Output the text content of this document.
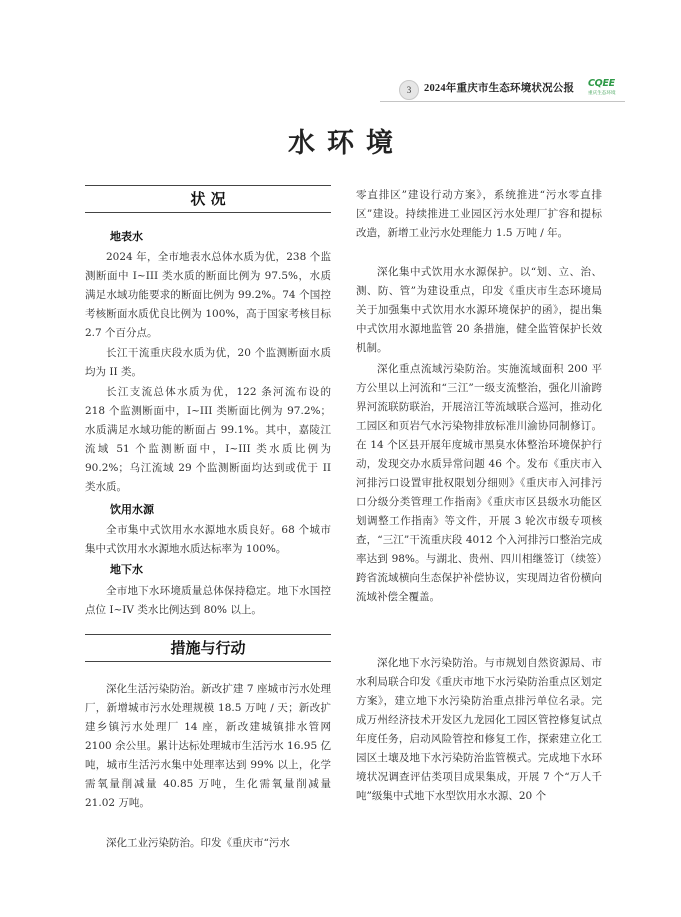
3	2024年重庆市生态环境状况公报	CQEE
重庆生态环境
水环境
状 况
地表水

2024 年，全市地表水总体水质为优，238 个监测断面中 I~III 类水质的断面比例为 97.5%，水质满足水域功能要求的断面比例为 99.2%。74 个国控考核断面水质优良比例为 100%，高于国家考核目标 2.7 个百分点。

长江干流重庆段水质为优，20 个监测断面水质均为 II 类。

长江支流总体水质为优，122 条河流布设的 218 个监测断面中，I~III 类断面比例为 97.2%；水质满足水域功能的断面占 99.1%。其中，嘉陵江流域 51 个监测断面中，I~III 类水质比例为 90.2%；乌江流域 29 个监测断面均达到或优于 II 类水质。

饮用水源

全市集中式饮用水水源地水质良好。68 个城市集中式饮用水水源地水质达标率为 100%。

地下水

全市地下水环境质量总体保持稳定。地下水国控点位 I~IV 类水比例达到 80% 以上。

措施与行动

深化生活污染防治。新改扩建 7 座城市污水处理厂，新增城市污水处理规模 18.5 万吨 / 天；新改扩建乡镇污水处理厂 14 座，新改建城镇排水管网 2100 余公里。累计达标处理城市生活污水 16.95 亿吨，城市生活污水集中处理率达到 99% 以上，化学需氧量削减量 40.85 万吨，生化需氧量削减量 21.02 万吨。

深化工业污染防治。印发《重庆市“污水

零直排区”建设行动方案》，系统推进“污水零直排区”建设。持续推进工业园区污水处理厂扩容和提标改造，新增工业污水处理能力 1.5 万吨 / 年。

深化集中式饮用水水源保护。以“划、立、治、测、防、管”为建设重点，印发《重庆市生态环境局关于加强集中式饮用水水源环境保护的函》，提出集中式饮用水源地监管 20 条措施，健全监管保护长效机制。

深化重点流域污染防治。实施流域面积 200 平方公里以上河流和“三江”一级支流整治，强化川渝跨界河流联防联治，开展涪江等流域联合巡河，推动化工园区和页岩气水污染物排放标准川渝协同制修订。在 14 个区县开展年度城市黑臭水体整治环境保护行动，发现交办水质异常问题 46 个。发布《重庆市入河排污口设置审批权限划分细则》《重庆市入河排污口分级分类管理工作指南》《重庆市区县级水功能区划调整工作指南》等文件，开展 3 轮次市级专项核查，“三江”干流重庆段 4012 个入河排污口整治完成率达到 98%。与湖北、贵州、四川相继签订（续签）跨省流域横向生态保护补偿协议，实现周边省份横向流域补偿全覆盖。

深化地下水污染防治。与市规划自然资源局、市水利局联合印发《重庆市地下水污染防治重点区划定方案》，建立地下水污染防治重点排污单位名录。完成万州经济技术开发区九龙园化工园区管控修复试点年度任务，启动风险管控和修复工作，探索建立化工园区土壤及地下水污染防治监管模式。完成地下水环境状况调查评估类项目成果集成，开展 7 个“万人千吨”级集中式地下水型饮用水水源、20 个
